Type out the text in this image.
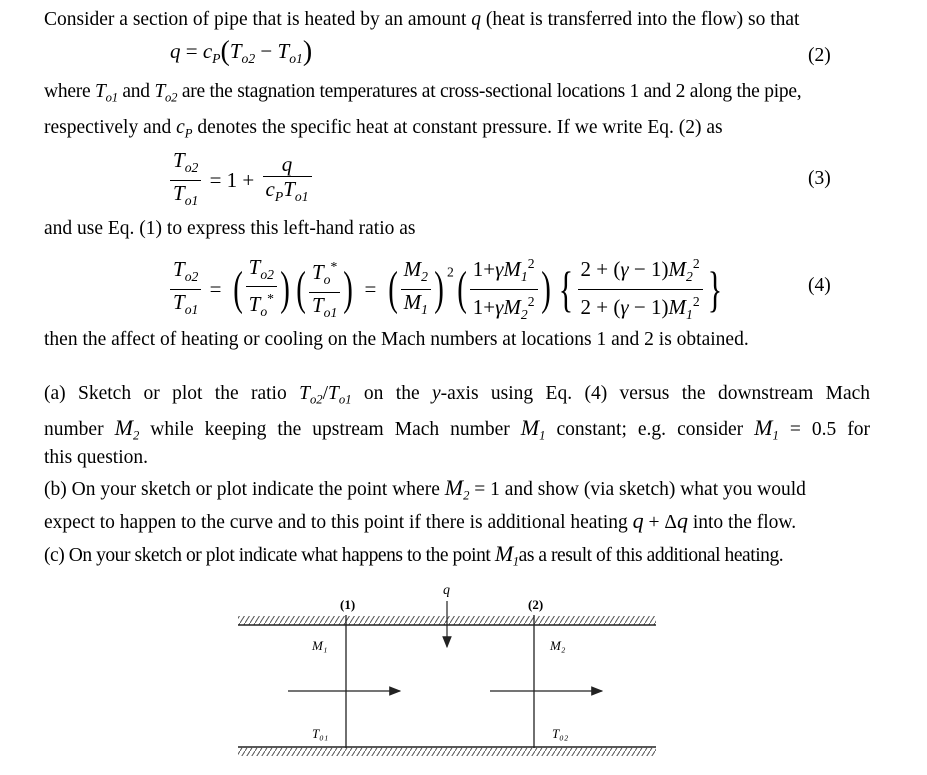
Consider a section of pipe that is heated by an amount q (heat is transferred into the flow) so that
$q = c_P(T_{o2} - T_{o1})$	(2)
where $T_{o1}$ and $T_{o2}$ are the stagnation temperatures at cross-sectional locations 1 and 2 along the pipe,
respectively and $c_P$ denotes the specific heat at constant pressure. If we write Eq. (2) as
$\frac{T_{o2}}{T_{o1}} = 1 + \frac{q}{c_PT_{o1}}$	(3)
and use Eq. (1) to express this left-hand ratio as
$\frac{T_{o2}}{T_{o1}}$ = ( $\frac{T_{o2}}{T_o^*}$ ) ( $\frac{T_o^*}{T_{o1}}$ ) = ( $\frac{M_2}{M_1}$ ) $^2( \frac{1+\gamma M_1^2}{1+\gamma M_2^2}$ ) { $\frac{2 + (\gamma - 1)M_2^2}{2 + (\gamma - 1)M_1^2}$ }	(4)
then the affect of heating or cooling on the Mach numbers at locations 1 and 2 is obtained.
(a) Sketch or plot the ratio $T_{o2}/T_{o1}$ on the y-axis using Eq. (4) versus the downstream Mach
number $M_2$ while keeping the upstream Mach number $M_1$ constant; e.g. consider $M_1 = 0.5$ for
this question.
(b) On your sketch or plot indicate the point where $M_2 = 1$ and show (via sketch) what you would
expect to happen to the curve and to this point if there is additional heating q + Δq into the flow.
(c) On your sketch or plot indicate what happens to the point $M_1as$ a result of this additional heating.
q
(1)	(2)
M₁	M₂
T₀₁	T₀₂
